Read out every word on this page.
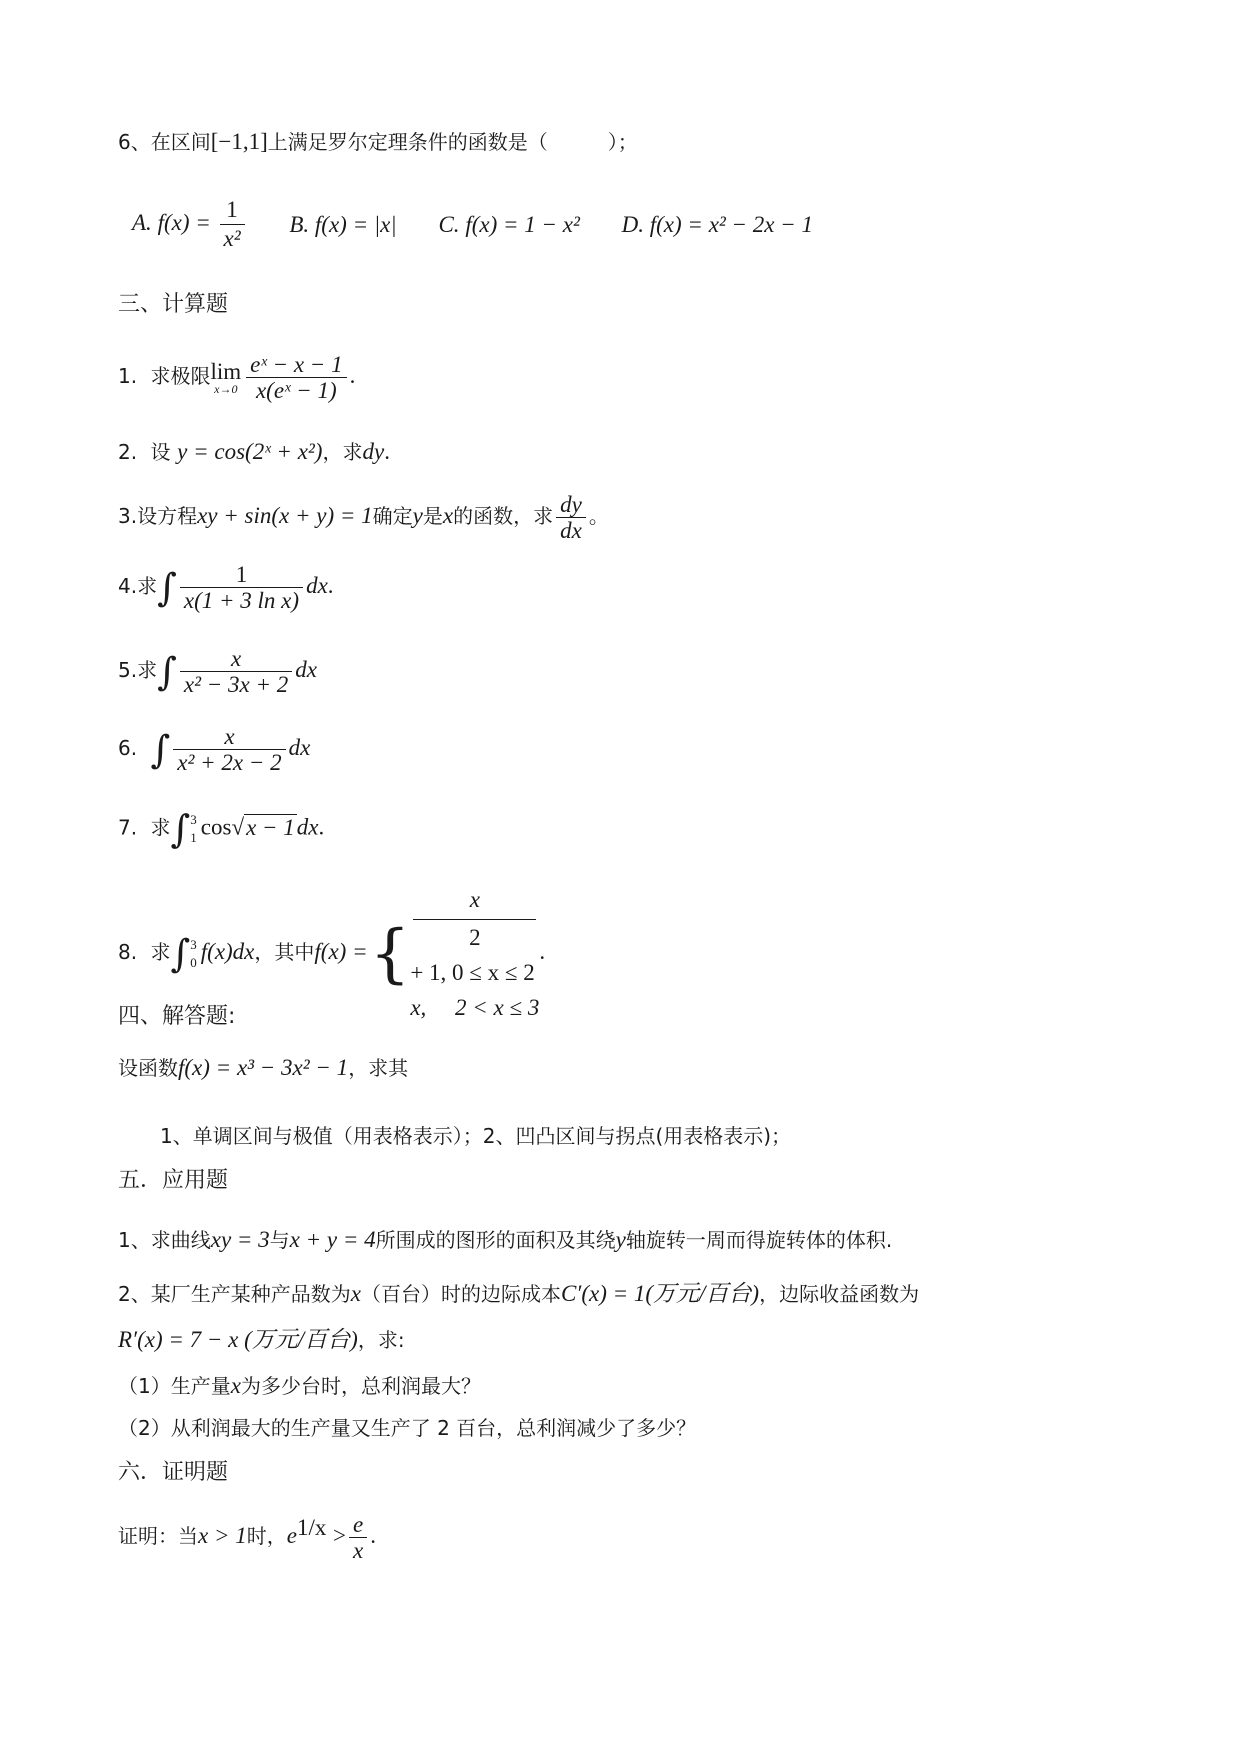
6、在区间[−1,1]上满足罗尔定理条件的函数是（　　　）；
A. $f(x) = \frac{1}{\text{x²}} B$. f(x) = |x| C. f(x) = 1 − x² D. f(x) = x² − 2x − 1
三、计算题
1. 求极限lim
$x\to 0 \frac{\text{eˣ − x − 1}}{\text{x(eˣ − 1)}}$ .
2. 设 y = cos(2ˣ + x²)，求dy.
3.设方程xy + sin(x + y) = 1确定y是x的函数，求 $\frac{dy}{dx}$ 。
4.求∫ $\frac{1}{\text{x(1 + 3 ln x)}}$ dx.
5.求∫ $\frac{x}{\text{x² − 3x + 2}}$ dx
6. ∫ $\frac{x}{\text{x² + 2x − 2}}$ dx
7. 求∫ 3
1 cos√x − 1dx.
8. 求∫ 3
0 f(x)dx，其中f(x) ={
x
2
+ 1, 0 ≤ x ≤ 2
x,　 2 < x ≤ 3
.
四、解答题:
设函数f(x) = x³ − 3x² − 1，求其
1、单调区间与极值（用表格表示）；2、凹凸区间与拐点(用表格表示)；
五．应用题
1、求曲线xy = 3与x + y = 4所围成的图形的面积及其绕y轴旋转一周而得旋转体的体积.
2、某厂生产某种产品数为x（百台）时的边际成本C′(x) = 1(万元/百台)，边际收益函数为
R′(x) = 7 − x (万元/百台)，求:
（1）生产量x为多少台时，总利润最大？
（2）从利润最大的生产量又生产了 2 百台，总利润减少了多少？
六．证明题
证明：当x > 1时，$e^{1/x} > \frac{e}{x}$ .
